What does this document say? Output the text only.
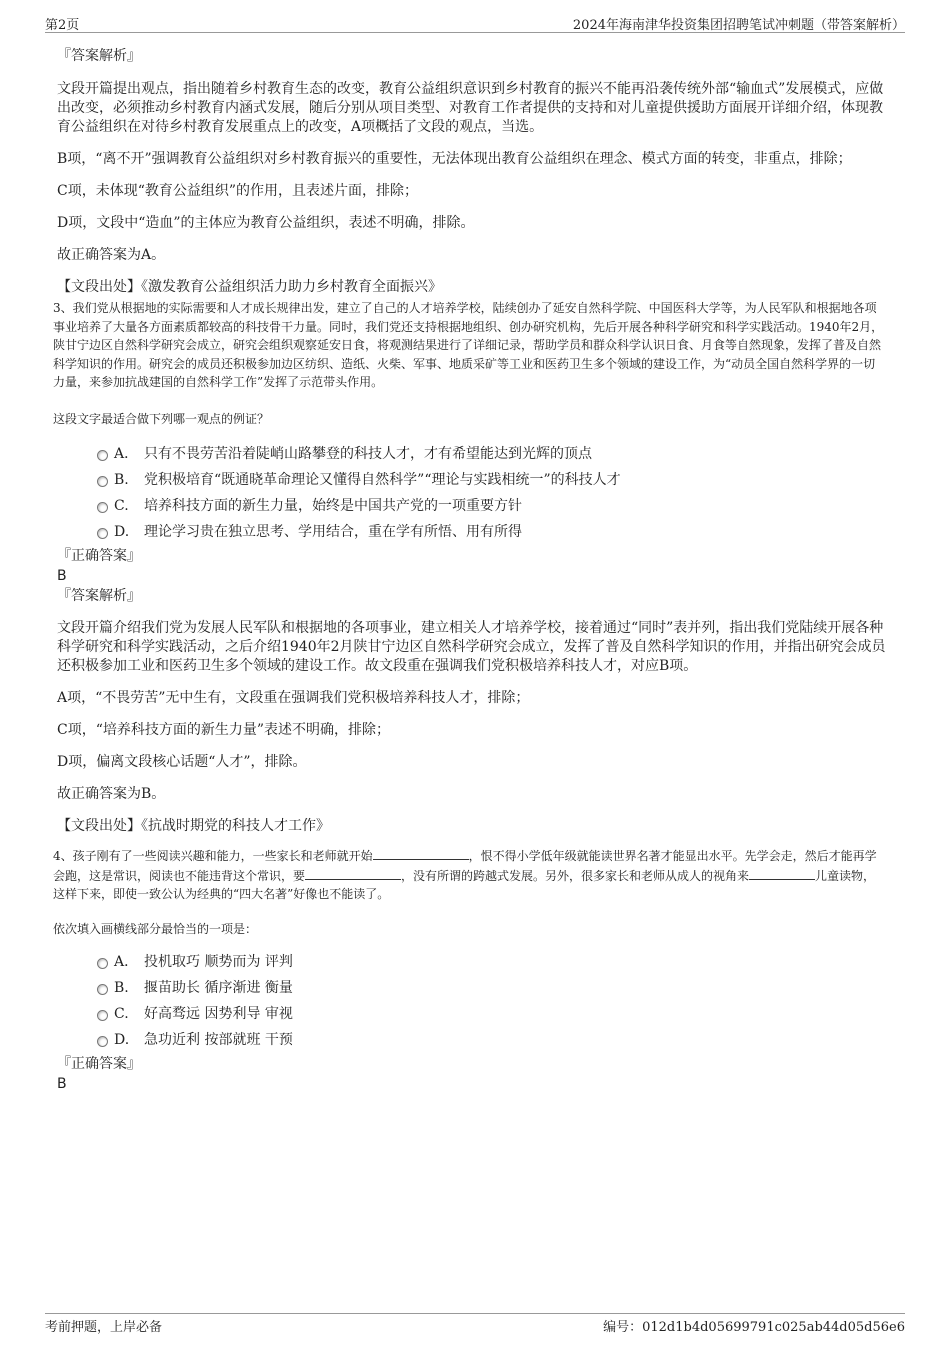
第2页	2024年海南津华投资集团招聘笔试冲刺题（带答案解析）

『答案解析』

文段开篇提出观点，指出随着乡村教育生态的改变，教育公益组织意识到乡村教育的振兴不能再沿袭传统外部“输血式”发展模式，应做出改变，必须推动乡村教育内涵式发展，随后分别从项目类型、对教育工作者提供的支持和对儿童提供援助方面展开详细介绍，体现教育公益组织在对待乡村教育发展重点上的改变，A项概括了文段的观点，当选。

B项，“离不开”强调教育公益组织对乡村教育振兴的重要性，无法体现出教育公益组织在理念、模式方面的转变，非重点，排除；

C项，未体现“教育公益组织”的作用，且表述片面，排除；

D项，文段中“造血”的主体应为教育公益组织，表述不明确，排除。

故正确答案为A。

【文段出处】《激发教育公益组织活力助力乡村教育全面振兴》

3、我们党从根据地的实际需要和人才成长规律出发，建立了自己的人才培养学校，陆续创办了延安自然科学院、中国医科大学等，为人民军队和根据地各项事业培养了大量各方面素质都较高的科技骨干力量。同时，我们党还支持根据地组织、创办研究机构，先后开展各种科学研究和科学实践活动。1940年2月，陕甘宁边区自然科学研究会成立，研究会组织观察延安日食，将观测结果进行了详细记录，帮助学员和群众科学认识日食、月食等自然现象，发挥了普及自然科学知识的作用。研究会的成员还积极参加边区纺织、造纸、火柴、军事、地质采矿等工业和医药卫生多个领域的建设工作，为“动员全国自然科学界的一切力量，来参加抗战建国的自然科学工作”发挥了示范带头作用。

这段文字最适合做下列哪一观点的例证？

A． 只有不畏劳苦沿着陡峭山路攀登的科技人才，才有希望能达到光辉的顶点
B. 党积极培育“既通晓革命理论又懂得自然科学”“理论与实践相统一”的科技人才
C. 培养科技方面的新生力量，始终是中国共产党的一项重要方针
D. 理论学习贵在独立思考、学用结合，重在学有所悟、用有所得

『正确答案』

B

『答案解析』

文段开篇介绍我们党为发展人民军队和根据地的各项事业，建立相关人才培养学校，接着通过“同时”表并列，指出我们党陆续开展各种科学研究和科学实践活动，之后介绍1940年2月陕甘宁边区自然科学研究会成立，发挥了普及自然科学知识的作用，并指出研究会成员还积极参加工业和医药卫生多个领域的建设工作。故文段重在强调我们党积极培养科技人才，对应B项。

A项，“不畏劳苦”无中生有，文段重在强调我们党积极培养科技人才，排除；

C项，“培养科技方面的新生力量”表述不明确，排除；

D项，偏离文段核心话题“人才”，排除。

故正确答案为B。

【文段出处】《抗战时期党的科技人才工作》

4、孩子刚有了一些阅读兴趣和能力，一些家长和老师就开始	，恨不得小学低年级就能读世界名著才能显出水平。先学会走，然后才能再学会跑，这是常识，阅读也不能违背这个常识，要	，没有所谓的跨越式发展。另外，很多家长和老师从成人的视角来	儿童读物，这样下来，即使一致公认为经典的“四大名著”好像也不能读了。

依次填入画横线部分最恰当的一项是：

A． 投机取巧 顺势而为 评判
B. 揠苗助长 循序渐进 衡量
C. 好高骛远 因势利导 审视
D. 急功近利 按部就班 干预

『正确答案』

B

考前押题，上岸必备	编号：012d1b4d05699791c025ab44d05d56e6
